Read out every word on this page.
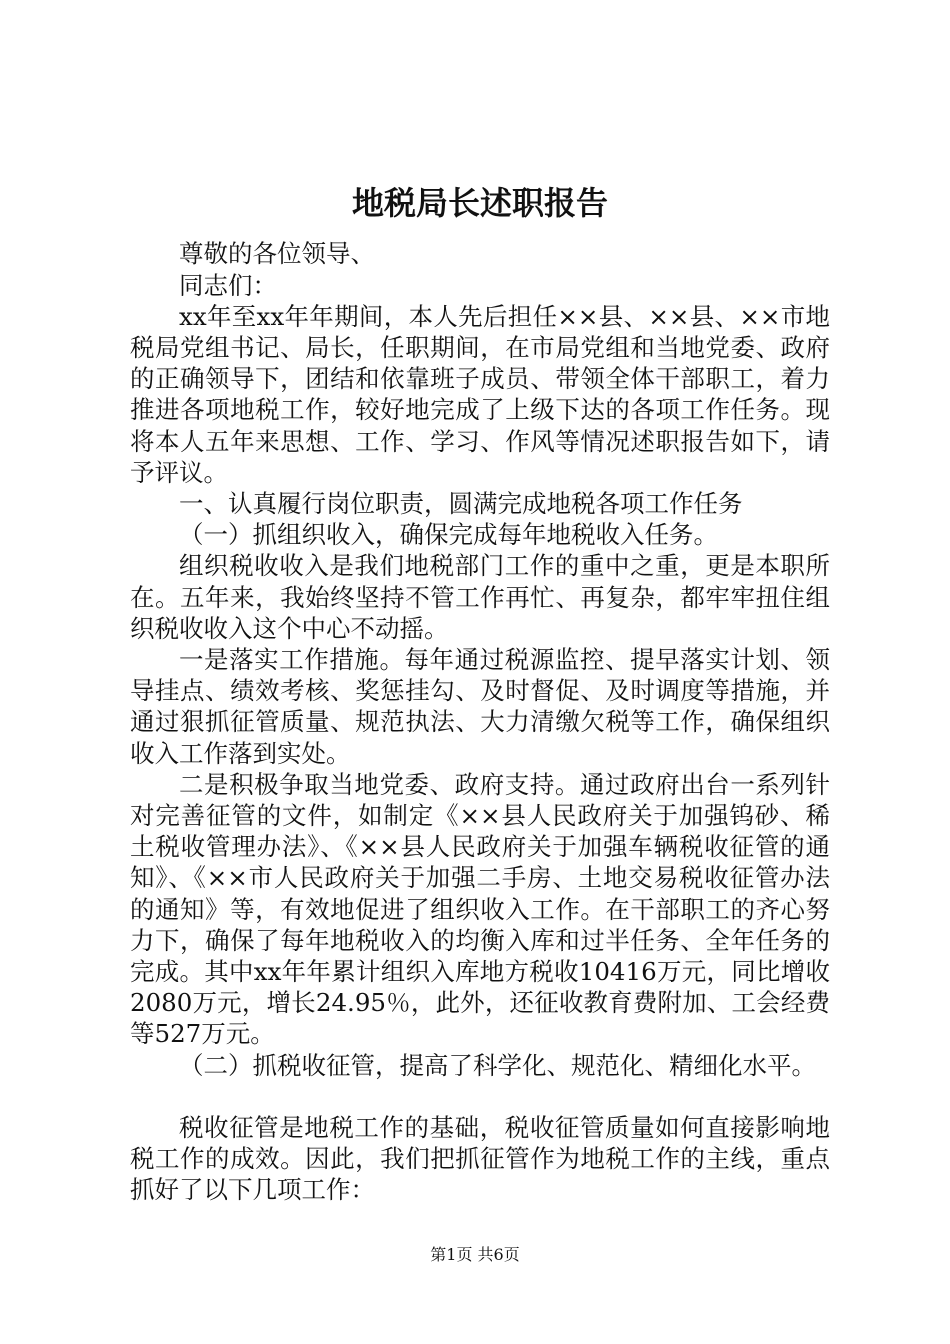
地税局长述职报告

尊敬的各位领导、

同志们：

xx年至xx年年期间，本人先后担任××县、××县、××市地税局党组书记、局长，任职期间，在市局党组和当地党委、政府的正确领导下，团结和依靠班子成员、带领全体干部职工，着力推进各项地税工作，较好地完成了上级下达的各项工作任务。现将本人五年来思想、工作、学习、作风等情况述职报告如下，请予评议。

一、认真履行岗位职责，圆满完成地税各项工作任务

（一）抓组织收入，确保完成每年地税收入任务。

组织税收收入是我们地税部门工作的重中之重，更是本职所在。五年来，我始终坚持不管工作再忙、再复杂，都牢牢扭住组织税收收入这个中心不动摇。

一是落实工作措施。每年通过税源监控、提早落实计划、领导挂点、绩效考核、奖惩挂勾、及时督促、及时调度等措施，并通过狠抓征管质量、规范执法、大力清缴欠税等工作，确保组织收入工作落到实处。

二是积极争取当地党委、政府支持。通过政府出台一系列针对完善征管的文件，如制定《××县人民政府关于加强钨砂、稀土税收管理办法》、《××县人民政府关于加强车辆税收征管的通知》、《××市人民政府关于加强二手房、土地交易税收征管办法的通知》等，有效地促进了组织收入工作。在干部职工的齐心努力下，确保了每年地税收入的均衡入库和过半任务、全年任务的完成。其中xx年年累计组织入库地方税收10416万元，同比增收2080万元，增长24.95％，此外，还征收教育费附加、工会经费等527万元。

（二）抓税收征管，提高了科学化、规范化、精细化水平。

税收征管是地税工作的基础，税收征管质量如何直接影响地税工作的成效。因此，我们把抓征管作为地税工作的主线，重点抓好了以下几项工作：

第1页 共6页
